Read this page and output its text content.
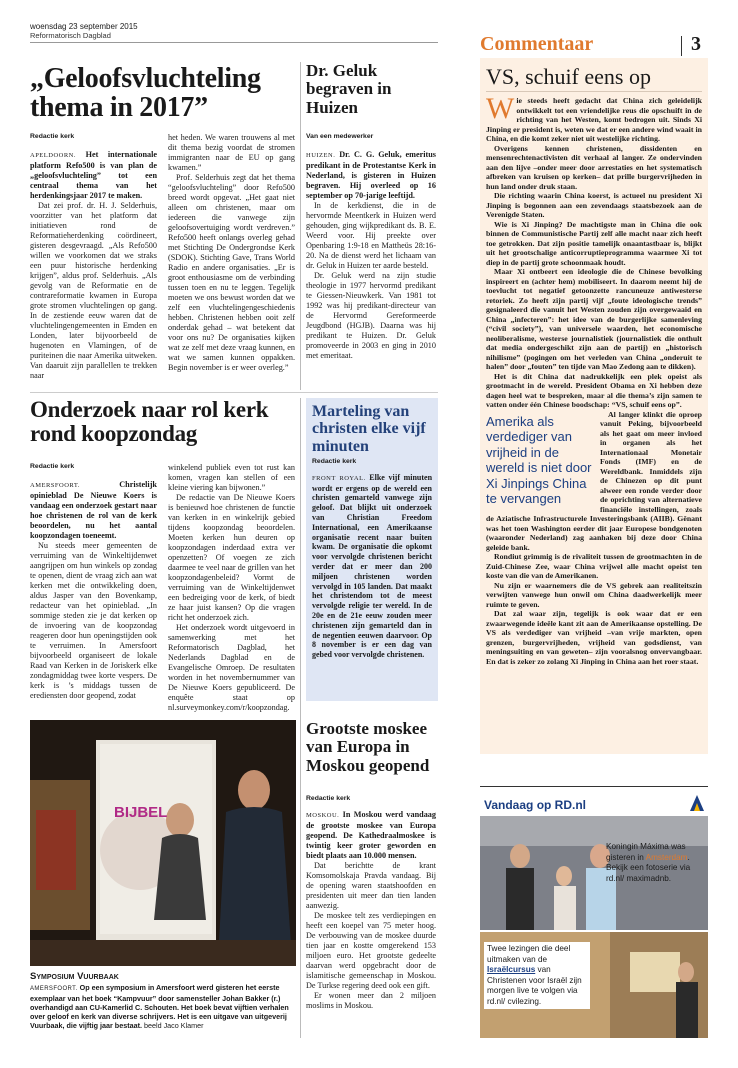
woensdag 23 september 2015
Reformatorisch Dagblad	Commentaar	3
„Geloofsvluchteling thema in 2017”
Redactie kerk

APELDOORN. Het internationale platform Refo500 is van plan de „geloofsvluchteling” tot een centraal thema van het herdenkingsjaar 2017 te maken.

Dat zei prof. dr. H. J. Selderhuis, voorzitter van het platform dat initiatieven rond de Reformatieherdenking coördineert, gisteren desgevraagd. „Als Refo500 willen we voorkomen dat we straks een puur historische herdenking krijgen”, aldus prof. Selderhuis. „Als gevolg van de Reformatie en de contrareformatie kwamen in Europa grote stromen vluchtelingen op gang. In de zestiende eeuw waren dat de vluchtelingengemeenten in Emden en Londen, later bijvoorbeeld de hugenoten en Vlamingen, of de puriteinen die naar Amerika uitweken. Van daaruit zijn parallellen te trekken naar

het heden. We waren trouwens al met dit thema bezig voordat de stromen immigranten naar de EU op gang kwamen.”

Prof. Selderhuis zegt dat het thema “geloofsvluchteling” door Refo500 breed wordt opgevat. „Het gaat niet alleen om christenen, maar om iedereen die vanwege zijn geloofsovertuiging wordt verdreven.” Refo500 heeft onlangs overleg gehad met Stichting De Ondergrondse Kerk (SDOK). Stichting Gave, Trans World Radio en andere organisaties. „Er is groot enthousiasme om de verbinding tussen toen en nu te leggen. Tegelijk moeten we ons bewust worden dat we zelf een vluchtelingengeschiedenis hebben. Christenen hebben ooit zelf onderdak gehad – wat betekent dat voor ons nu? De organisaties kijken wat ze zelf met deze vraag kunnen, en wat we samen kunnen oppakken. Begin november is er weer overleg.”

Dr. Geluk begraven in Huizen
Van een medewerker

HUIZEN. Dr. C. G. Geluk, emeritus predikant in de Protestantse Kerk in Nederland, is gisteren in Huizen begraven. Hij overleed op 16 september op 70-jarige leeftijd.

In de kerkdienst, die in de hervormde Meentkerk in Huizen werd gehouden, ging wijkpredikant ds. B. E. Weerd voor. Hij preekte over Openbaring 1:9-18 en Mattheüs 28:16-20. Na de dienst werd het lichaam van dr. Geluk in Huizen ter aarde besteld.

Dr. Geluk werd na zijn studie theologie in 1977 hervormd predikant te Giessen-Nieuwkerk. Van 1981 tot 1992 was hij predikant-directeur van de Hervormd Gereformeerde Jeugdbond (HGJB). Daarna was hij predikant te Huizen. Dr. Geluk promoveerde in 2003 en ging in 2010 met emeritaat.

Onderzoek naar rol kerk rond koopzondag
Redactie kerk

AMERSFOORT.	Christelijk opinieblad De Nieuwe Koers is vandaag een onderzoek gestart naar hoe christenen de rol van de kerk beoordelen, nu het aantal koopzondagen toeneemt.

Nu steeds meer gemeenten de verruiming van de Winkeltijdenwet aangrijpen om hun winkels op zondag te openen, dient de vraag zich aan wat kerken met die ontwikkeling doen, aldus Jasper van den Bovenkamp, redacteur van het opinieblad. „In sommige steden zie je dat kerken op de invoering van de koopzondag reageren door hun openingstijden ook te verruimen. In Amersfoort bijvoorbeeld organiseert de lokale Raad van Kerken in de Joriskerk elke zondagmiddag twee korte vespers. De kerk is ’s middags tussen de erediensten door geopend, zodat

winkelend publiek even tot rust kan komen, vragen kan stellen of een kleine viering kan bijwonen.”

De redactie van De Nieuwe Koers is benieuwd hoe christenen de functie van kerken in en winkelrijk gebied tijdens koopzondag beoordelen. Moeten kerken hun deuren op koopzondagen inderdaad extra ver openzetten? Of voegen ze zich daarmee te veel naar de grillen van het koopzondagenbeleid? Vormt de verruiming van de Winkeltijdenwet een bedreiging voor de kerk, of biedt ze haar juist kansen? Op die vragen richt het onderzoek zich.

Het onderzoek wordt uitgevoerd in samenwerking met het Reformatorisch Dagblad, het Nederlands Dagblad en de Evangelische Omroep. De resultaten worden in het novembernummer van De Nieuwe Koers gepubliceerd. De enquête staat op nl.surveymonkey.com/r/koopzondag.

Marteling van christen elke vijf minuten
Redactie kerk

FRONT ROYAL. Elke vijf minuten wordt er ergens op de wereld een christen gemarteld vanwege zijn geloof. Dat blijkt uit onderzoek van Christian Freedom International, een Amerikaanse organisatie recent naar buiten kwam. De organisatie die opkomt voor vervolgde christenen bericht verder dat er meer dan 200 miljoen christenen worden vervolgd in 105 landen. Dat maakt het christendom tot de meest vervolgde religie ter wereld. In de 20e en de 21e eeuw zouden meer christenen zijn gemarteld dan in de negentien eeuwen daarvoor. Op 8 november is er een dag van gebed voor vervolgde christenen.

Grootste moskee van Europa in Moskou geopend
Redactie kerk

MOSKOU. In Moskou werd vandaag de grootste moskee van Europa geopend. De Kathedraalmoskee is twintig keer groter geworden en biedt plaats aan 10.000 mensen.

Dat berichtte de krant Komsomolskaja Pravda vandaag. Bij de opening waren staatshoofden en presidenten uit meer dan tien landen aanwezig.

De moskee telt zes verdiepingen en heeft een koepel van 75 meter hoog. De verbouwing van de moskee duurde tien jaar en kostte omgerekend 153 miljoen euro. Het grootste gedeelte daarvan werd opgebracht door de islamitische gemeenschap in Moskou. De Turkse regering deed ook een gift.

Er wonen meer dan 2 miljoen moslims in Moskou.

BIJBEL
Symposium Vuurbaak
AMERSFOORT. Op een symposium in Amersfoort werd gisteren het eerste exemplaar van het boek “Kampvuur” door samensteller Johan Bakker (r.) overhandigd aan CU-Kamerlid C. Schouten. Het boek bevat vijftien verhalen over geloof en kerk van diverse schrijvers. Het is een uitgave van uitgeverij Vuurbaak, die vijftig jaar bestaat. beeld Jaco Klamer
VS, schuif eens op

Wie steeds heeft gedacht dat China zich geleidelijk ontwikkelt tot een vriendelijke reus die opschuift in de richting van het Westen, komt bedrogen uit. Sinds Xi Jinping er president is, weten we dat er een andere wind waait in China, en die komt zeker niet uit westelijke richting.

Overigens kennen christenen, dissidenten en mensenrechtenactivisten dit verhaal al langer. Ze ondervinden aan den lijve –onder meer door arrestaties en het systematisch afbreken van kruisen op kerken– dat prille burgervrijheden in hun land onder druk staan.

Die richting waarin China koerst, is actueel nu president Xi Jinping is begonnen aan een zevendaags staatsbezoek aan de Verenigde Staten.

Wie is Xi Jinping? De machtigste man in China die ook binnen de Communistische Partij zelf alle macht naar zich heeft toe getrokken. Dat zijn positie tamelijk onaantastbaar is, blijkt uit het grootschalige anticorruptieprogramma waarmee Xi tot diep in de partij grote schoonmaak houdt.

Maar Xi ontbeert een ideologie die de Chinese bevolking inspireert en (achter hem) mobiliseert. In daarom neemt hij de toevlucht tot negatief getoonzette rancuneuze antiwesterse retoriek. Zo heeft zijn partij vijf „foute ideologische trends” gesignaleerd die vanuit het Westen zouden zijn overgewaaid en China „infecteren”: het idee van de burgerlijke samenleving (“civil society”), van universele waarden, het economische neoliberalisme, westerse journalistiek (journalistiek die onthult dat media ondergeschikt zijn aan de partij) en „historisch nihilisme” (pogingen om het verleden van China „onderuit te halen” door „fouten” ten tijde van Mao Zedong aan te dikken).

Het is dit China dat nadrukkelijk een plek opeist als grootmacht in de wereld. President Obama en Xi hebben deze dagen heel wat te bespreken, maar al die thema’s zijn samen te vatten onder één Chinese boodschap: “VS, schuif eens op”.

Amerika als verdediger van vrijheid in de wereld is niet door Xi Jinpings China te vervangen
Al langer klinkt die oproep vanuit Peking, bijvoorbeeld als het gaat om meer invloed in organen als het Internationaal Monetair Fonds (IMF) en de Wereldbank. Inmiddels zijn de Chinezen op dit punt alweer een ronde verder door de oprichting van alternatieve financiële instellingen, zoals de Aziatische Infrastructurele Investeringsbank (AIIB). Gênant was het toen Washington eerder dit jaar Europese bondgenoten (waaronder Nederland) zag aanhaken bij deze door China geleide bank.

Rondiut grimmig is de rivaliteit tussen de grootmachten in de Zuid-Chinese Zee, waar China vrijwel alle macht opeist ten koste van die van de Amerikanen.

Nu zijn er waarnemers die de VS gebrek aan realiteitszin verwijten vanwege hun onwil om China daadwerkelijk meer ruimte te geven.

Dat zal waar zijn, tegelijk is ook waar dat er een zwaarwegende ideële kant zit aan de Amerikaanse opstelling. De VS als verdediger van vrijheid –van vrije markten, open grenzen, burgervrijheden, vrijheid van godsdienst, van meningsuiting en van geweten– zijn vooralsnog onvervangbaar. En dat is zeker zo zolang Xi Jinping in China aan het roer staat.

Vandaag op RD.nl
Koningin Máxima was gisteren in Amsterdam. Bekijk een fotoserie via rd.nl/ maximadnb.
Twee lezingen die deel uitmaken van de Israëlcursus van Christenen voor Israël zijn morgen live te volgen via rd.nl/ cvilezing.
